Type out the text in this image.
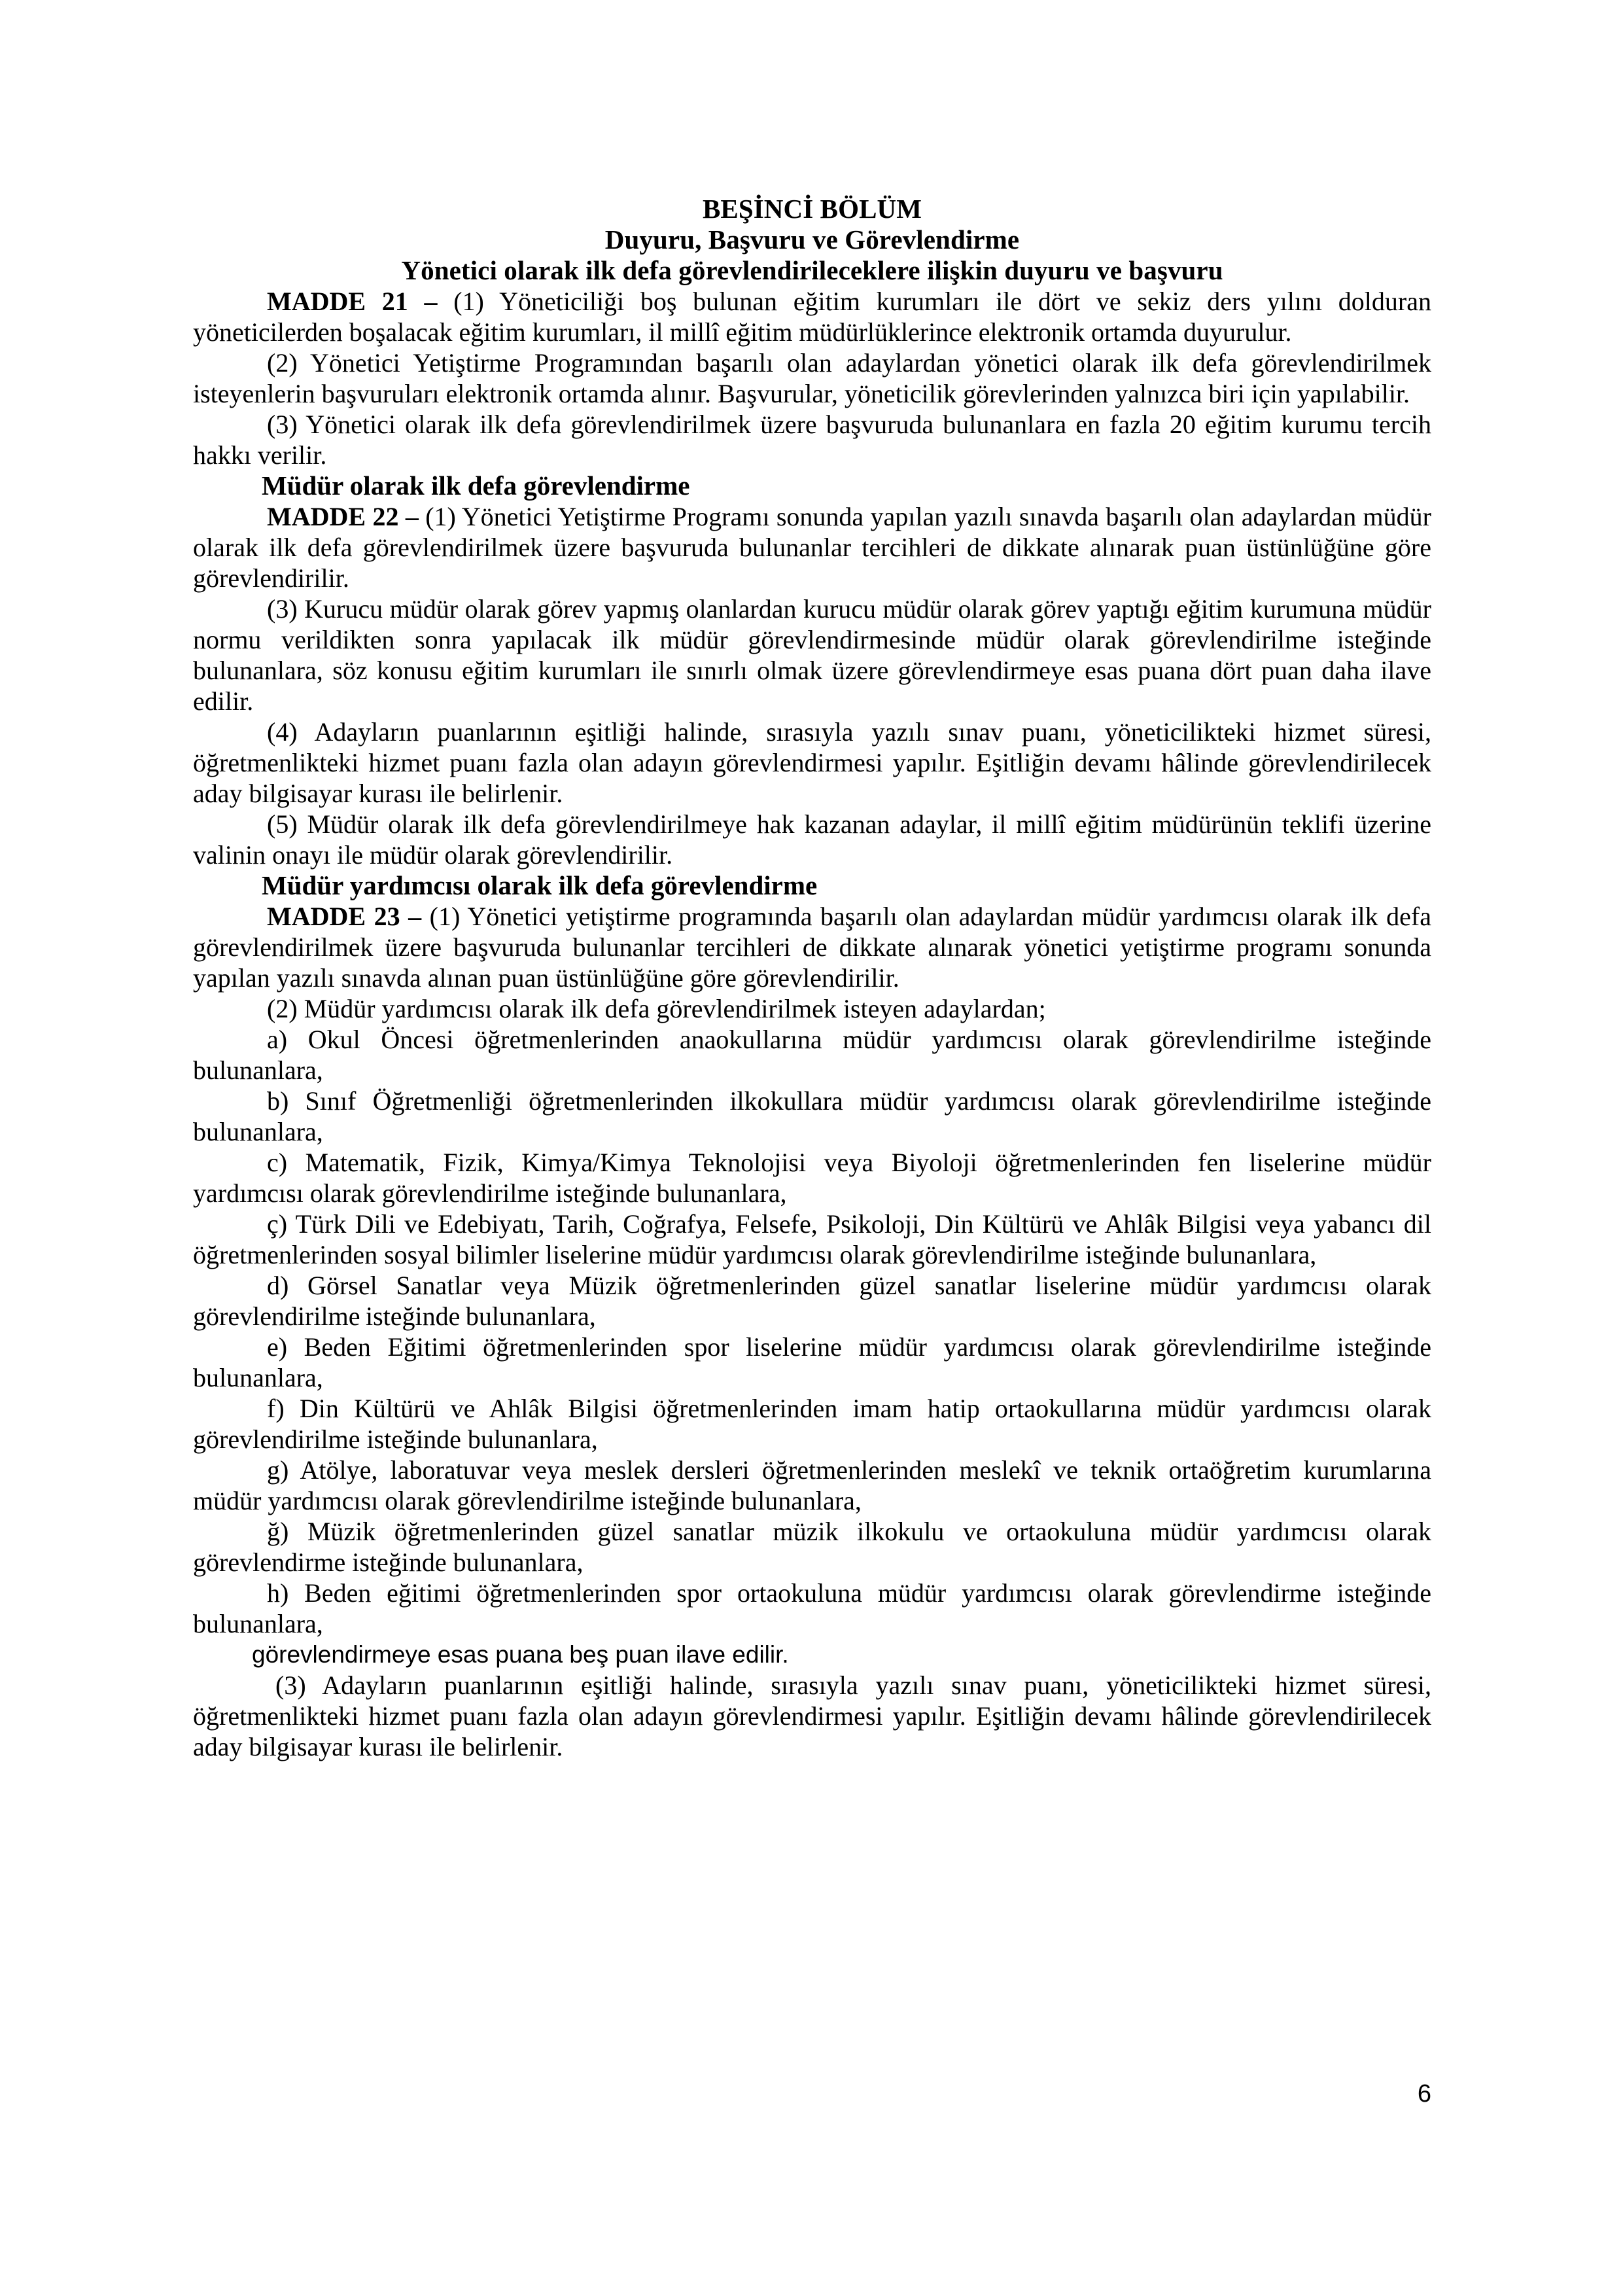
BEŞİNCİ BÖLÜM

Duyuru, Başvuru ve Görevlendirme

Yönetici olarak ilk defa görevlendirileceklere ilişkin duyuru ve başvuru

MADDE 21 – (1) Yöneticiliği boş bulunan eğitim kurumları ile dört ve sekiz ders yılını dolduran yöneticilerden boşalacak eğitim kurumları, il millî eğitim müdürlüklerince elektronik ortamda duyurulur.

(2) Yönetici Yetiştirme Programından başarılı olan adaylardan yönetici olarak ilk defa görevlendirilmek isteyenlerin başvuruları elektronik ortamda alınır. Başvurular, yöneticilik görevlerinden yalnızca biri için yapılabilir.

(3) Yönetici olarak ilk defa görevlendirilmek üzere başvuruda bulunanlara en fazla 20 eğitim kurumu tercih hakkı verilir.

Müdür olarak ilk defa görevlendirme

MADDE 22 – (1) Yönetici Yetiştirme Programı sonunda yapılan yazılı sınavda başarılı olan adaylardan müdür olarak ilk defa görevlendirilmek üzere başvuruda bulunanlar tercihleri de dikkate alınarak puan üstünlüğüne göre görevlendirilir.

(3) Kurucu müdür olarak görev yapmış olanlardan kurucu müdür olarak görev yaptığı eğitim kurumuna müdür normu verildikten sonra yapılacak ilk müdür görevlendirmesinde müdür olarak görevlendirilme isteğinde bulunanlara, söz konusu eğitim kurumları ile sınırlı olmak üzere görevlendirmeye esas puana dört puan daha ilave edilir.

(4) Adayların puanlarının eşitliği halinde, sırasıyla yazılı sınav puanı, yöneticilikteki hizmet süresi, öğretmenlikteki hizmet puanı fazla olan adayın görevlendirmesi yapılır. Eşitliğin devamı hâlinde görevlendirilecek aday bilgisayar kurası ile belirlenir.

(5) Müdür olarak ilk defa görevlendirilmeye hak kazanan adaylar, il millî eğitim müdürünün teklifi üzerine valinin onayı ile müdür olarak görevlendirilir.

Müdür yardımcısı olarak ilk defa görevlendirme

MADDE 23 – (1) Yönetici yetiştirme programında başarılı olan adaylardan müdür yardımcısı olarak ilk defa görevlendirilmek üzere başvuruda bulunanlar tercihleri de dikkate alınarak yönetici yetiştirme programı sonunda yapılan yazılı sınavda alınan puan üstünlüğüne göre görevlendirilir.

(2) Müdür yardımcısı olarak ilk defa görevlendirilmek isteyen adaylardan;

a) Okul Öncesi öğretmenlerinden anaokullarına müdür yardımcısı olarak görevlendirilme isteğinde bulunanlara,

b) Sınıf Öğretmenliği öğretmenlerinden ilkokullara müdür yardımcısı olarak görevlendirilme isteğinde bulunanlara,

c) Matematik, Fizik, Kimya/Kimya Teknolojisi veya Biyoloji öğretmenlerinden fen liselerine müdür yardımcısı olarak görevlendirilme isteğinde bulunanlara,

ç) Türk Dili ve Edebiyatı, Tarih, Coğrafya, Felsefe, Psikoloji, Din Kültürü ve Ahlâk Bilgisi veya yabancı dil öğretmenlerinden sosyal bilimler liselerine müdür yardımcısı olarak görevlendirilme isteğinde bulunanlara,

d) Görsel Sanatlar veya Müzik öğretmenlerinden güzel sanatlar liselerine müdür yardımcısı olarak görevlendirilme isteğinde bulunanlara,

e) Beden Eğitimi öğretmenlerinden spor liselerine müdür yardımcısı olarak görevlendirilme isteğinde bulunanlara,

f) Din Kültürü ve Ahlâk Bilgisi öğretmenlerinden imam hatip ortaokullarına müdür yardımcısı olarak görevlendirilme isteğinde bulunanlara,

g) Atölye, laboratuvar veya meslek dersleri öğretmenlerinden meslekî ve teknik ortaöğretim kurumlarına müdür yardımcısı olarak görevlendirilme isteğinde bulunanlara,

ğ) Müzik öğretmenlerinden güzel sanatlar müzik ilkokulu ve ortaokuluna müdür yardımcısı olarak görevlendirme isteğinde bulunanlara,

h) Beden eğitimi öğretmenlerinden spor ortaokuluna müdür yardımcısı olarak görevlendirme isteğinde bulunanlara,

görevlendirmeye esas puana beş puan ilave edilir.

(3) Adayların puanlarının eşitliği halinde, sırasıyla yazılı sınav puanı, yöneticilikteki hizmet süresi, öğretmenlikteki hizmet puanı fazla olan adayın görevlendirmesi yapılır. Eşitliğin devamı hâlinde görevlendirilecek aday bilgisayar kurası ile belirlenir.

6
